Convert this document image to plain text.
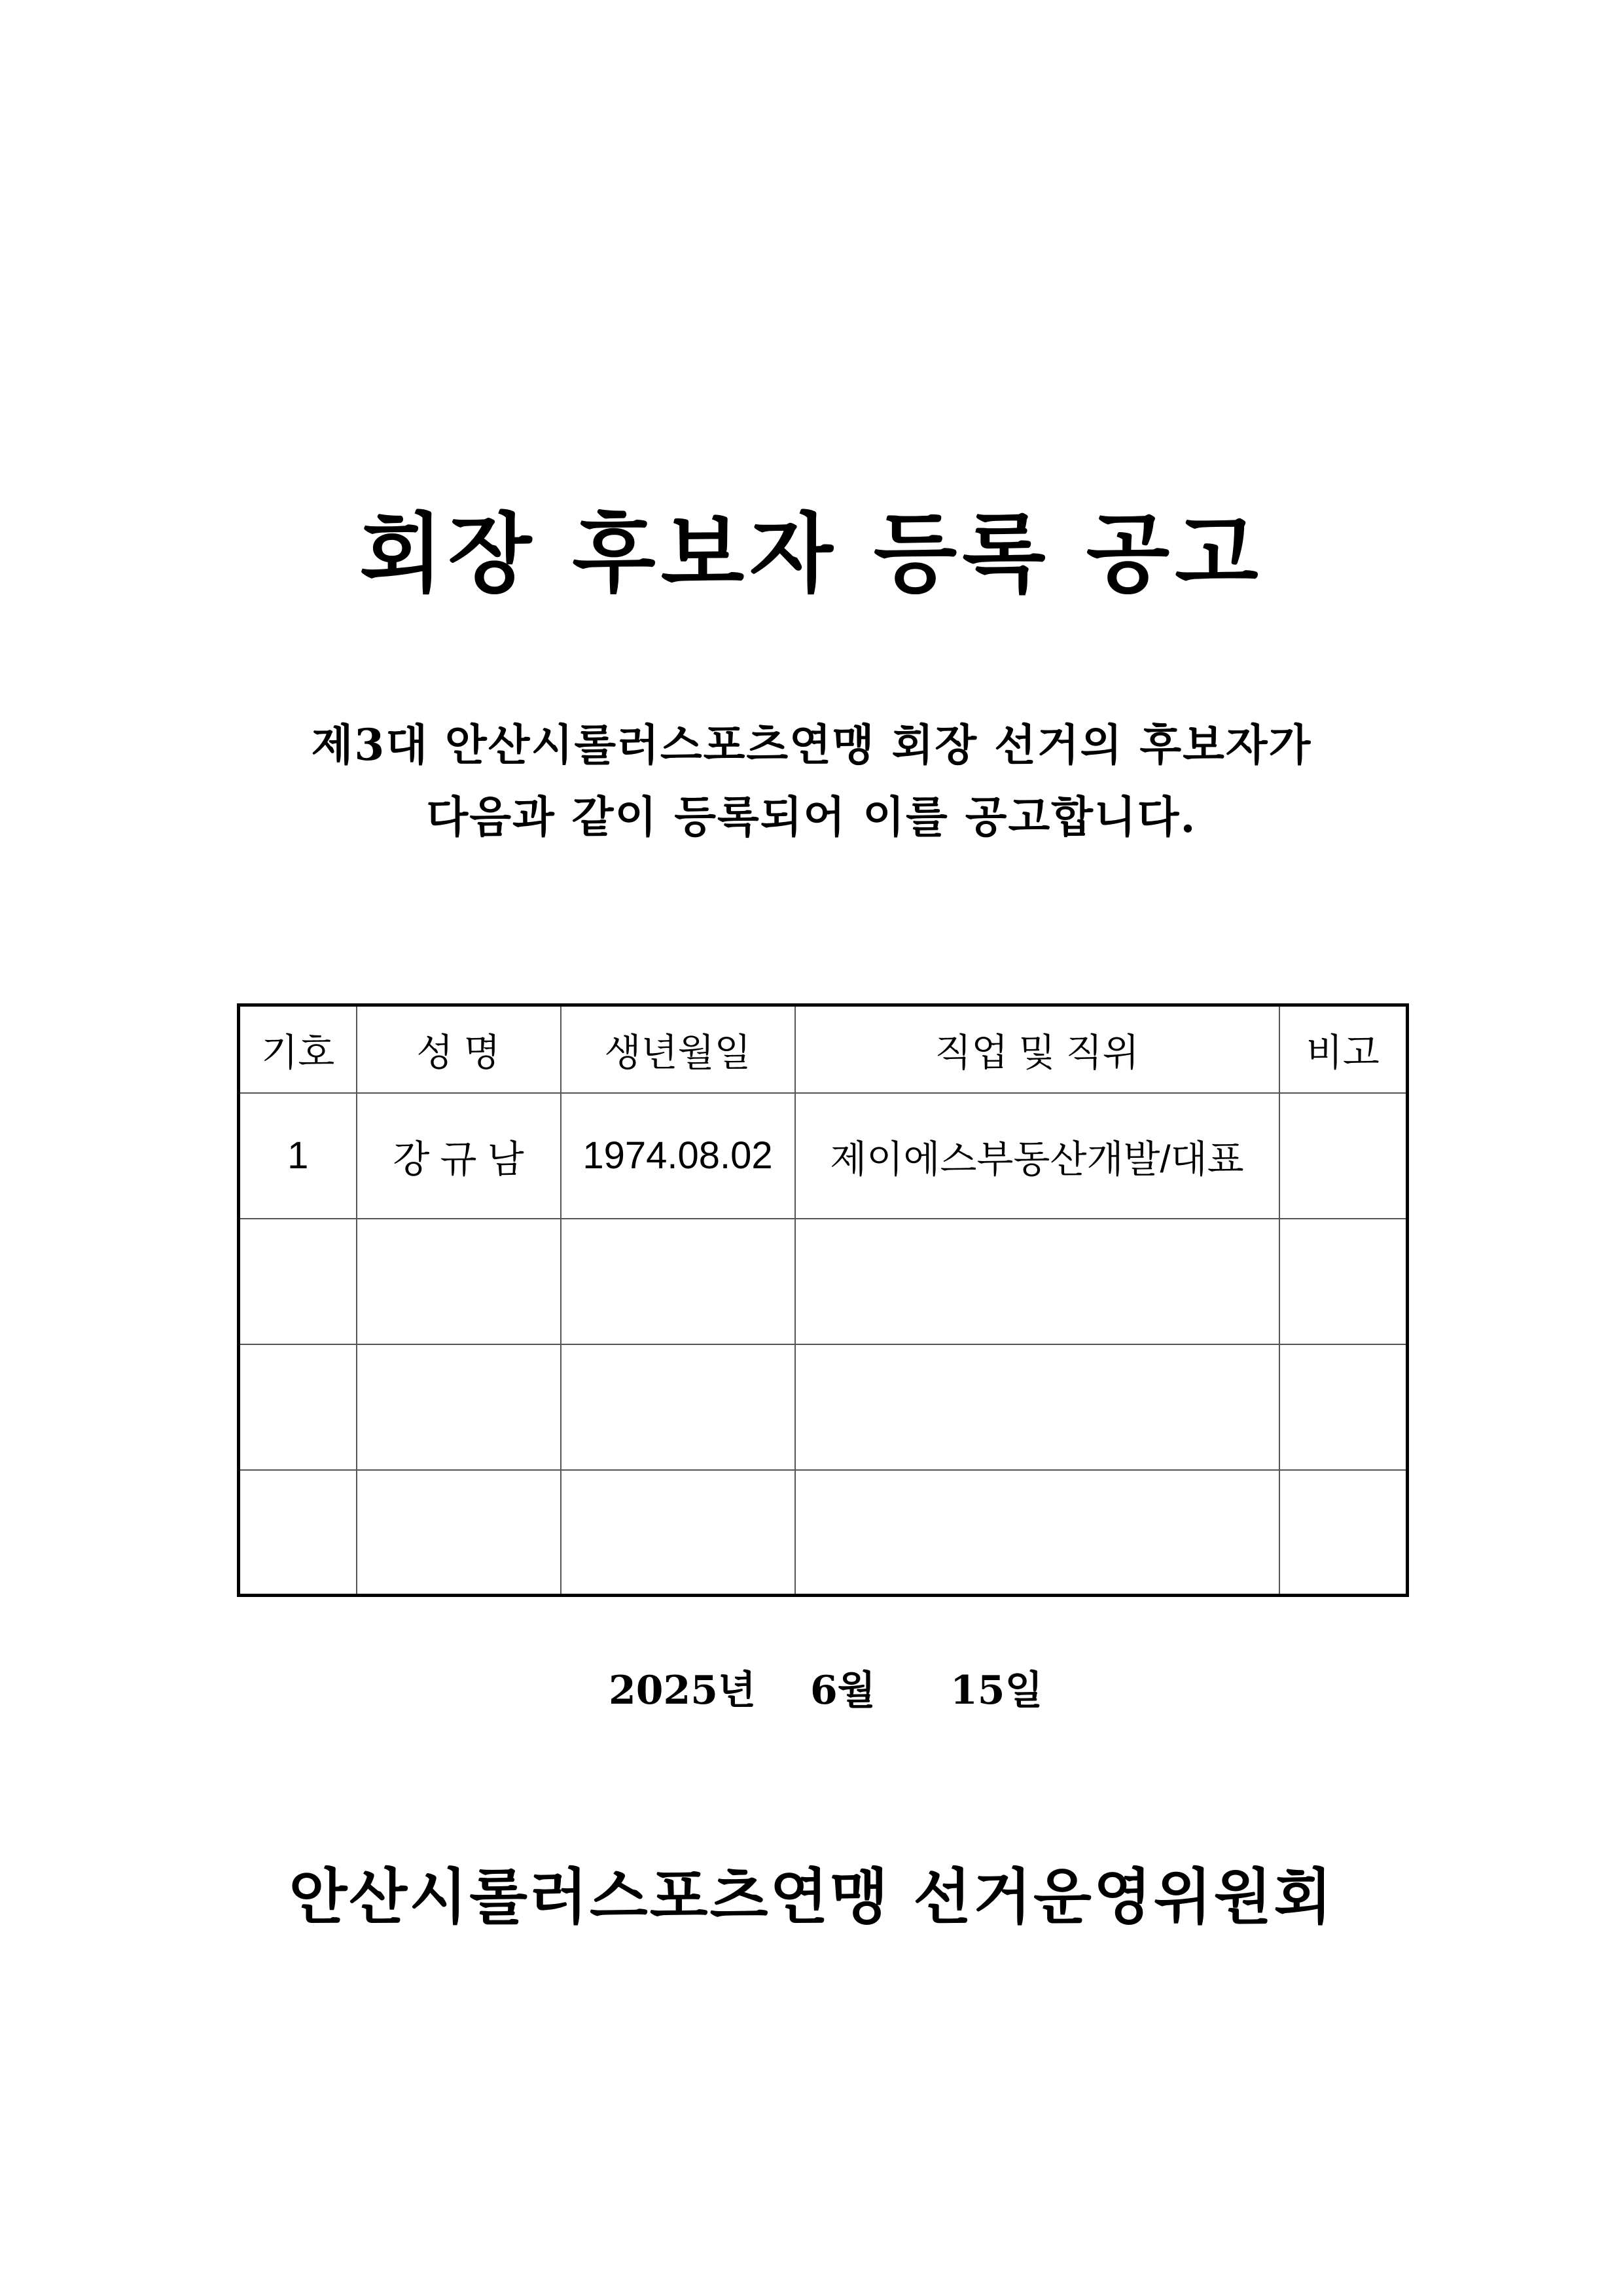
회장 후보자 등록 공고
제3대 안산시롤러스포츠연맹 회장 선거의 후보자가
다음과 같이 등록되어 이를 공고합니다.
기호	성 명	생년월일	직업 및 직위	비고
1	강 규 남	1974.08.02	제이에스부동산개발/대표	

2025년 6월 15일
안산시롤러스포츠연맹 선거운영위원회
